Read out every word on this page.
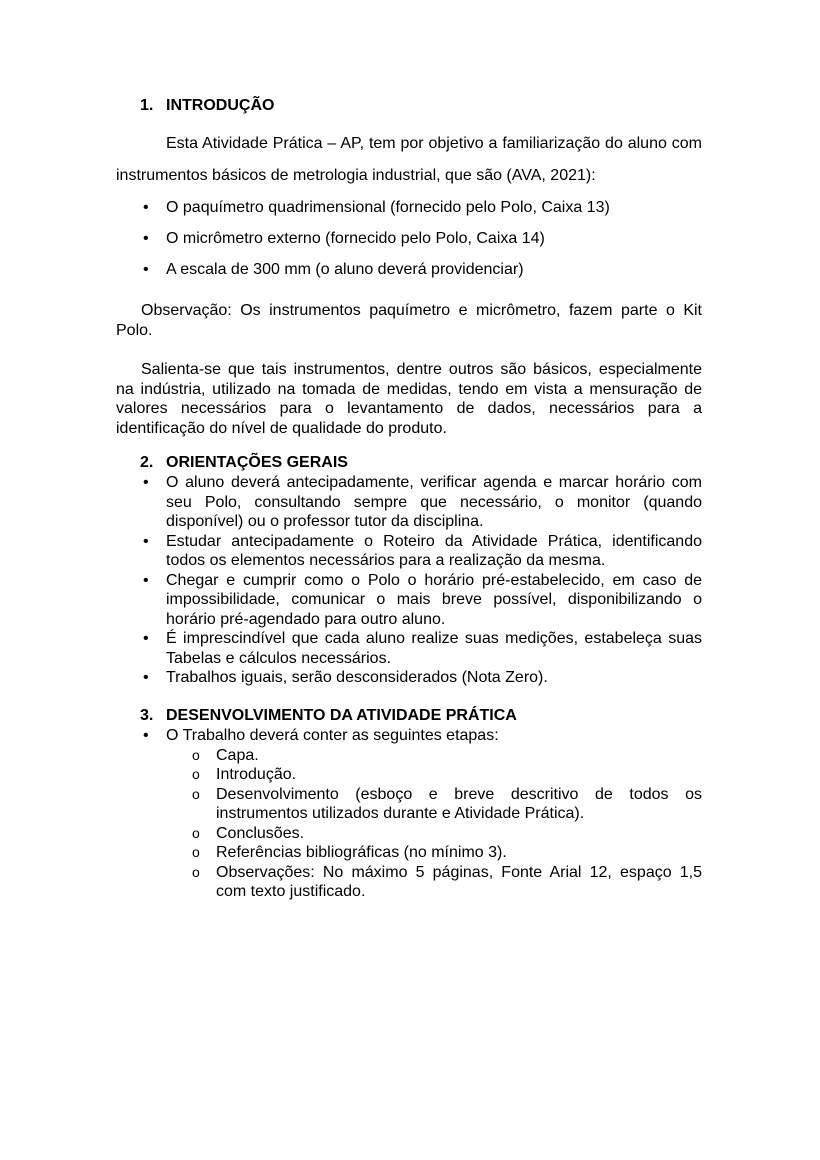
1. INTRODUÇÃO
Esta Atividade Prática – AP, tem por objetivo a familiarização do aluno com instrumentos básicos de metrologia industrial, que são (AVA, 2021):
• O paquímetro quadrimensional (fornecido pelo Polo, Caixa 13)
• O micrômetro externo (fornecido pelo Polo, Caixa 14)
• A escala de 300 mm (o aluno deverá providenciar)
Observação: Os instrumentos paquímetro e micrômetro, fazem parte o Kit Polo.
Salienta-se que tais instrumentos, dentre outros são básicos, especialmente na indústria, utilizado na tomada de medidas, tendo em vista a mensuração de valores necessários para o levantamento de dados, necessários para a identificação do nível de qualidade do produto.
2. ORIENTAÇÕES GERAIS
• O aluno deverá antecipadamente, verificar agenda e marcar horário com seu Polo, consultando sempre que necessário, o monitor (quando disponível) ou o professor tutor da disciplina.
• Estudar antecipadamente o Roteiro da Atividade Prática, identificando todos os elementos necessários para a realização da mesma.
• Chegar e cumprir como o Polo o horário pré-estabelecido, em caso de impossibilidade, comunicar o mais breve possível, disponibilizando o horário pré-agendado para outro aluno.
• É imprescindível que cada aluno realize suas medições, estabeleça suas Tabelas e cálculos necessários.
• Trabalhos iguais, serão desconsiderados (Nota Zero).
3. DESENVOLVIMENTO DA ATIVIDADE PRÁTICA
• O Trabalho deverá conter as seguintes etapas:
o Capa.
o Introdução.
o Desenvolvimento (esboço e breve descritivo de todos os instrumentos utilizados durante e Atividade Prática).
o Conclusões.
o Referências bibliográficas (no mínimo 3).
o Observações: No máximo 5 páginas, Fonte Arial 12, espaço 1,5 com texto justificado.
